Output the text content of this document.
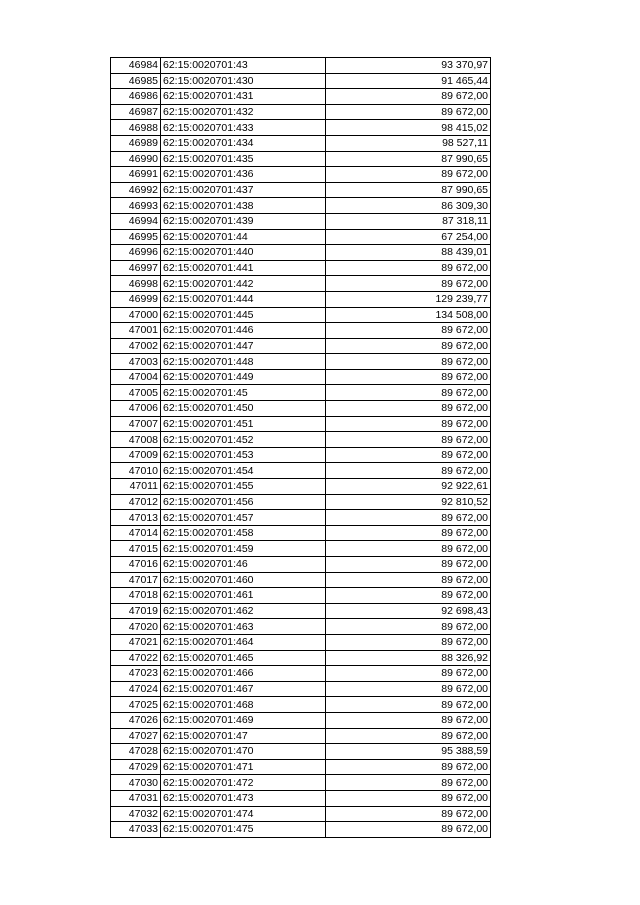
46984	62:15:0020701:43	93 370,97
46985	62:15:0020701:430	91 465,44
46986	62:15:0020701:431	89 672,00
46987	62:15:0020701:432	89 672,00
46988	62:15:0020701:433	98 415,02
46989	62:15:0020701:434	98 527,11
46990	62:15:0020701:435	87 990,65
46991	62:15:0020701:436	89 672,00
46992	62:15:0020701:437	87 990,65
46993	62:15:0020701:438	86 309,30
46994	62:15:0020701:439	87 318,11
46995	62:15:0020701:44	67 254,00
46996	62:15:0020701:440	88 439,01
46997	62:15:0020701:441	89 672,00
46998	62:15:0020701:442	89 672,00
46999	62:15:0020701:444	129 239,77
47000	62:15:0020701:445	134 508,00
47001	62:15:0020701:446	89 672,00
47002	62:15:0020701:447	89 672,00
47003	62:15:0020701:448	89 672,00
47004	62:15:0020701:449	89 672,00
47005	62:15:0020701:45	89 672,00
47006	62:15:0020701:450	89 672,00
47007	62:15:0020701:451	89 672,00
47008	62:15:0020701:452	89 672,00
47009	62:15:0020701:453	89 672,00
47010	62:15:0020701:454	89 672,00
47011	62:15:0020701:455	92 922,61
47012	62:15:0020701:456	92 810,52
47013	62:15:0020701:457	89 672,00
47014	62:15:0020701:458	89 672,00
47015	62:15:0020701:459	89 672,00
47016	62:15:0020701:46	89 672,00
47017	62:15:0020701:460	89 672,00
47018	62:15:0020701:461	89 672,00
47019	62:15:0020701:462	92 698,43
47020	62:15:0020701:463	89 672,00
47021	62:15:0020701:464	89 672,00
47022	62:15:0020701:465	88 326,92
47023	62:15:0020701:466	89 672,00
47024	62:15:0020701:467	89 672,00
47025	62:15:0020701:468	89 672,00
47026	62:15:0020701:469	89 672,00
47027	62:15:0020701:47	89 672,00
47028	62:15:0020701:470	95 388,59
47029	62:15:0020701:471	89 672,00
47030	62:15:0020701:472	89 672,00
47031	62:15:0020701:473	89 672,00
47032	62:15:0020701:474	89 672,00
47033	62:15:0020701:475	89 672,00
